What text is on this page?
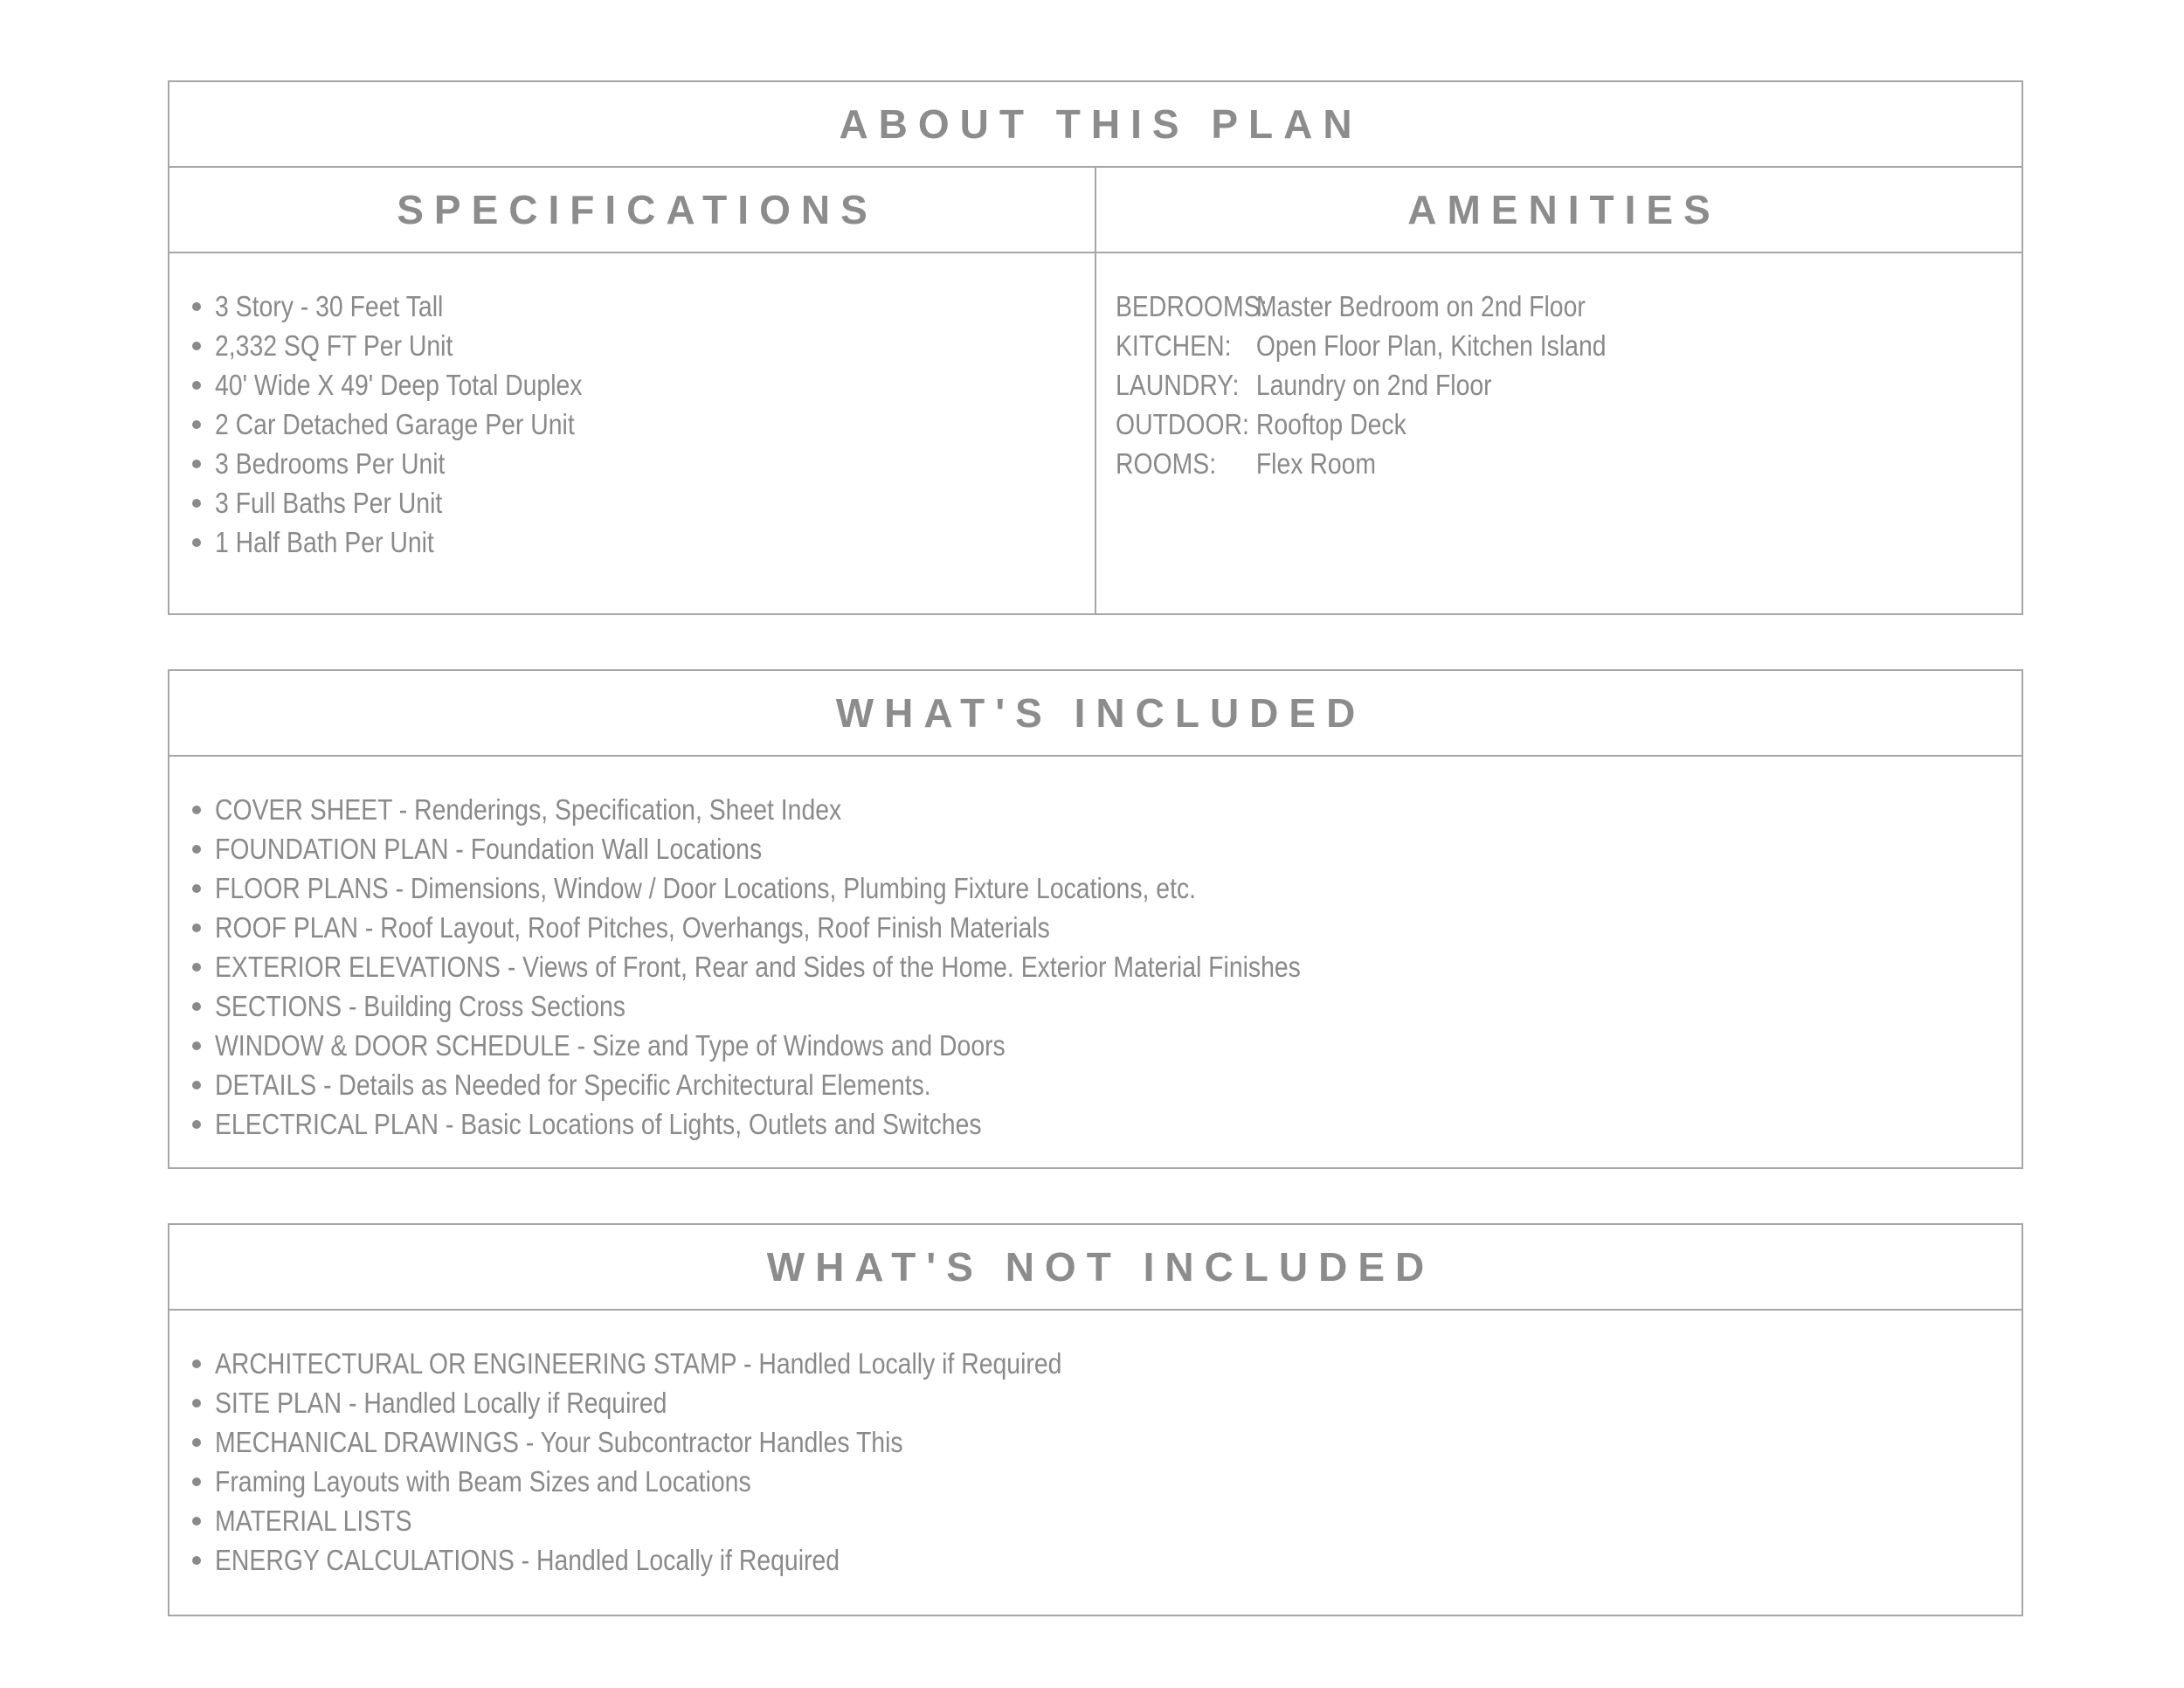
ABOUT THIS PLAN
SPECIFICATIONS
3 Story - 30 Feet Tall
2,332 SQ FT Per Unit
40' Wide X 49' Deep Total Duplex
2 Car Detached Garage Per Unit
3 Bedrooms Per Unit
3 Full Baths Per Unit
1 Half Bath Per Unit
AMENITIES
BEDROOMS:
Master Bedroom on 2nd Floor
KITCHEN: Open Floor Plan, Kitchen Island
LAUNDRY: Laundry on 2nd Floor
OUTDOOR: Rooftop Deck
ROOMS:	Flex Room
WHAT'S INCLUDED
COVER SHEET - Renderings, Specification, Sheet Index
FOUNDATION PLAN - Foundation Wall Locations
FLOOR PLANS - Dimensions, Window / Door Locations, Plumbing Fixture Locations, etc.
ROOF PLAN - Roof Layout, Roof Pitches, Overhangs, Roof Finish Materials
EXTERIOR ELEVATIONS - Views of Front, Rear and Sides of the Home. Exterior Material Finishes
SECTIONS - Building Cross Sections
WINDOW & DOOR SCHEDULE - Size and Type of Windows and Doors
DETAILS - Details as Needed for Specific Architectural Elements.
ELECTRICAL PLAN - Basic Locations of Lights, Outlets and Switches
WHAT'S NOT INCLUDED
ARCHITECTURAL OR ENGINEERING STAMP - Handled Locally if Required
SITE PLAN - Handled Locally if Required
MECHANICAL DRAWINGS - Your Subcontractor Handles This
Framing Layouts with Beam Sizes and Locations
MATERIAL LISTS
ENERGY CALCULATIONS - Handled Locally if Required
